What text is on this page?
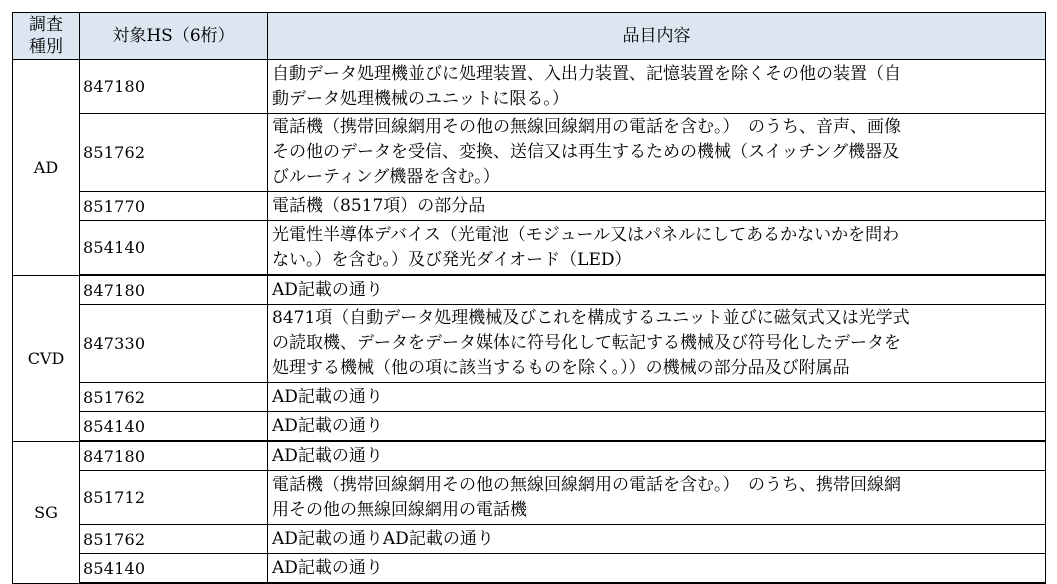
調査
種別	対象HS（6桁）	品目内容
AD	847180	自動データ処理機並びに処理装置、入出力装置、記憶装置を除くその他の装置（自
動データ処理機械のユニットに限る。）

	851762	電話機（携帯回線網用その他の無線回線網用の電話を含む。）　のうち、音声、画像
その他のデータを受信、変換、送信又は再生するための機械（スイッチング機器及
びルーティング機器を含む。）

	851770	電話機（8517項）の部分品

	854140	光電性半導体デバイス（光電池（モジュール又はパネルにしてあるかないかを問わ
ない。）を含む。）及び発光ダイオード（LED）

CVD	847180	AD記載の通り

	847330	8471項（自動データ処理機械及びこれを構成するユニット並びに磁気式又は光学式
の読取機、データをデータ媒体に符号化して転記する機械及び符号化したデータを
処理する機械（他の項に該当するものを除く。））の機械の部分品及び附属品

	851762	AD記載の通り

	854140	AD記載の通り

SG	847180	AD記載の通り

	851712	電話機（携帯回線網用その他の無線回線網用の電話を含む。）　のうち、携帯回線網
用その他の無線回線網用の電話機

	851762	AD記載の通りAD記載の通り

	854140	AD記載の通り
